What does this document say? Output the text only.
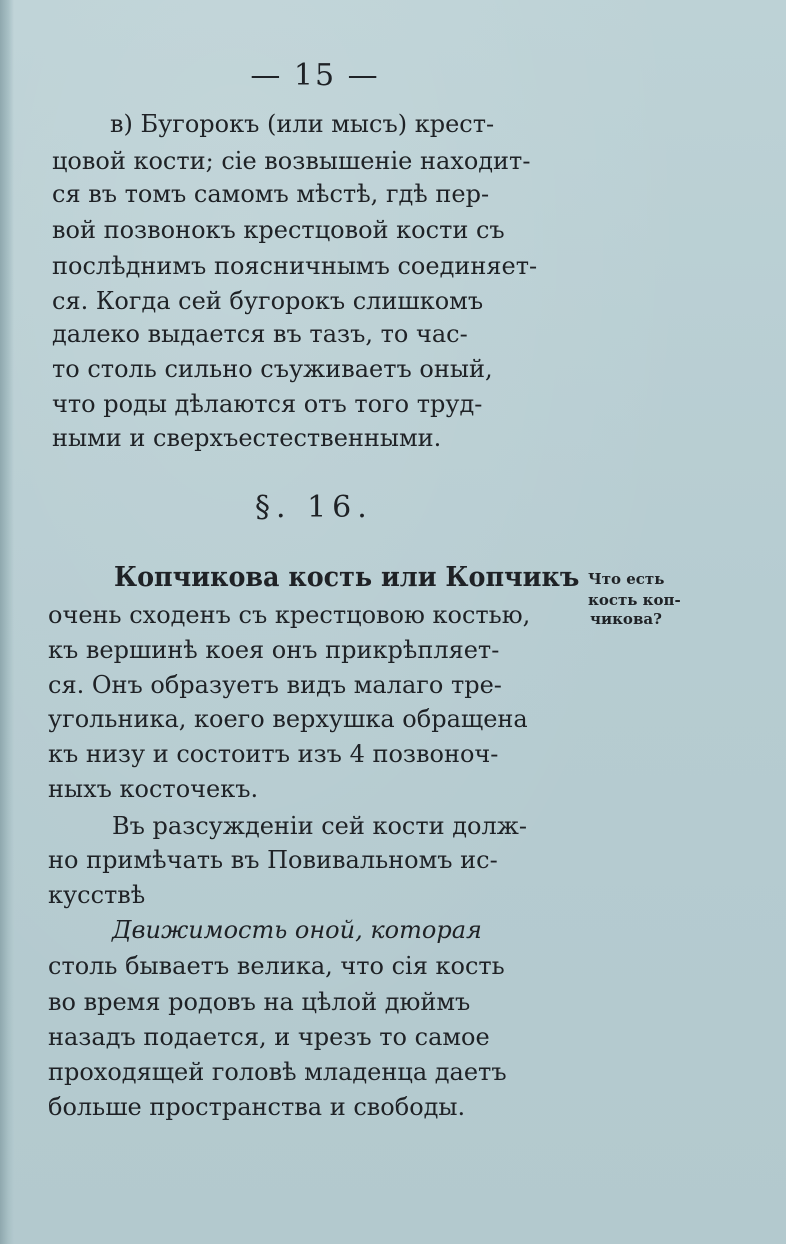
— 15 —
в) Бугорокъ (или мысъ) крест-
цовой кости; сіе возвышеніе находит-
ся въ томъ самомъ мѣстѣ, гдѣ пер-
вой позвонокъ крестцовой кости съ
послѣднимъ поясничнымъ соединяет-
ся. Когда сей бугорокъ слишкомъ
далеко выдается въ тазъ, то час-
то столь сильно съуживаетъ оный,
что роды дѣлаются отъ того труд-
ными и сверхъестественными.
§. 16.
Что есть
кость коп-
чикова?
Копчикова кость или Копчикъ
очень сходенъ съ крестцовою костью,
къ вершинѣ коея онъ прикрѣпляет-
ся. Онъ образуетъ видъ малаго тре-
угольника, коего верхушка обращена
къ низу и состоитъ изъ 4 позвоноч-
ныхъ косточекъ.
Въ разсужденіи сей кости долж-
но примѣчать въ Повивальномъ ис-
кусствѣ
Движимость оной, которая
столь бываетъ велика, что сія кость
во время родовъ на цѣлой дюймъ
назадъ подается, и чрезъ то самое
проходящей головѣ младенца даетъ
больше пространства и свободы.
